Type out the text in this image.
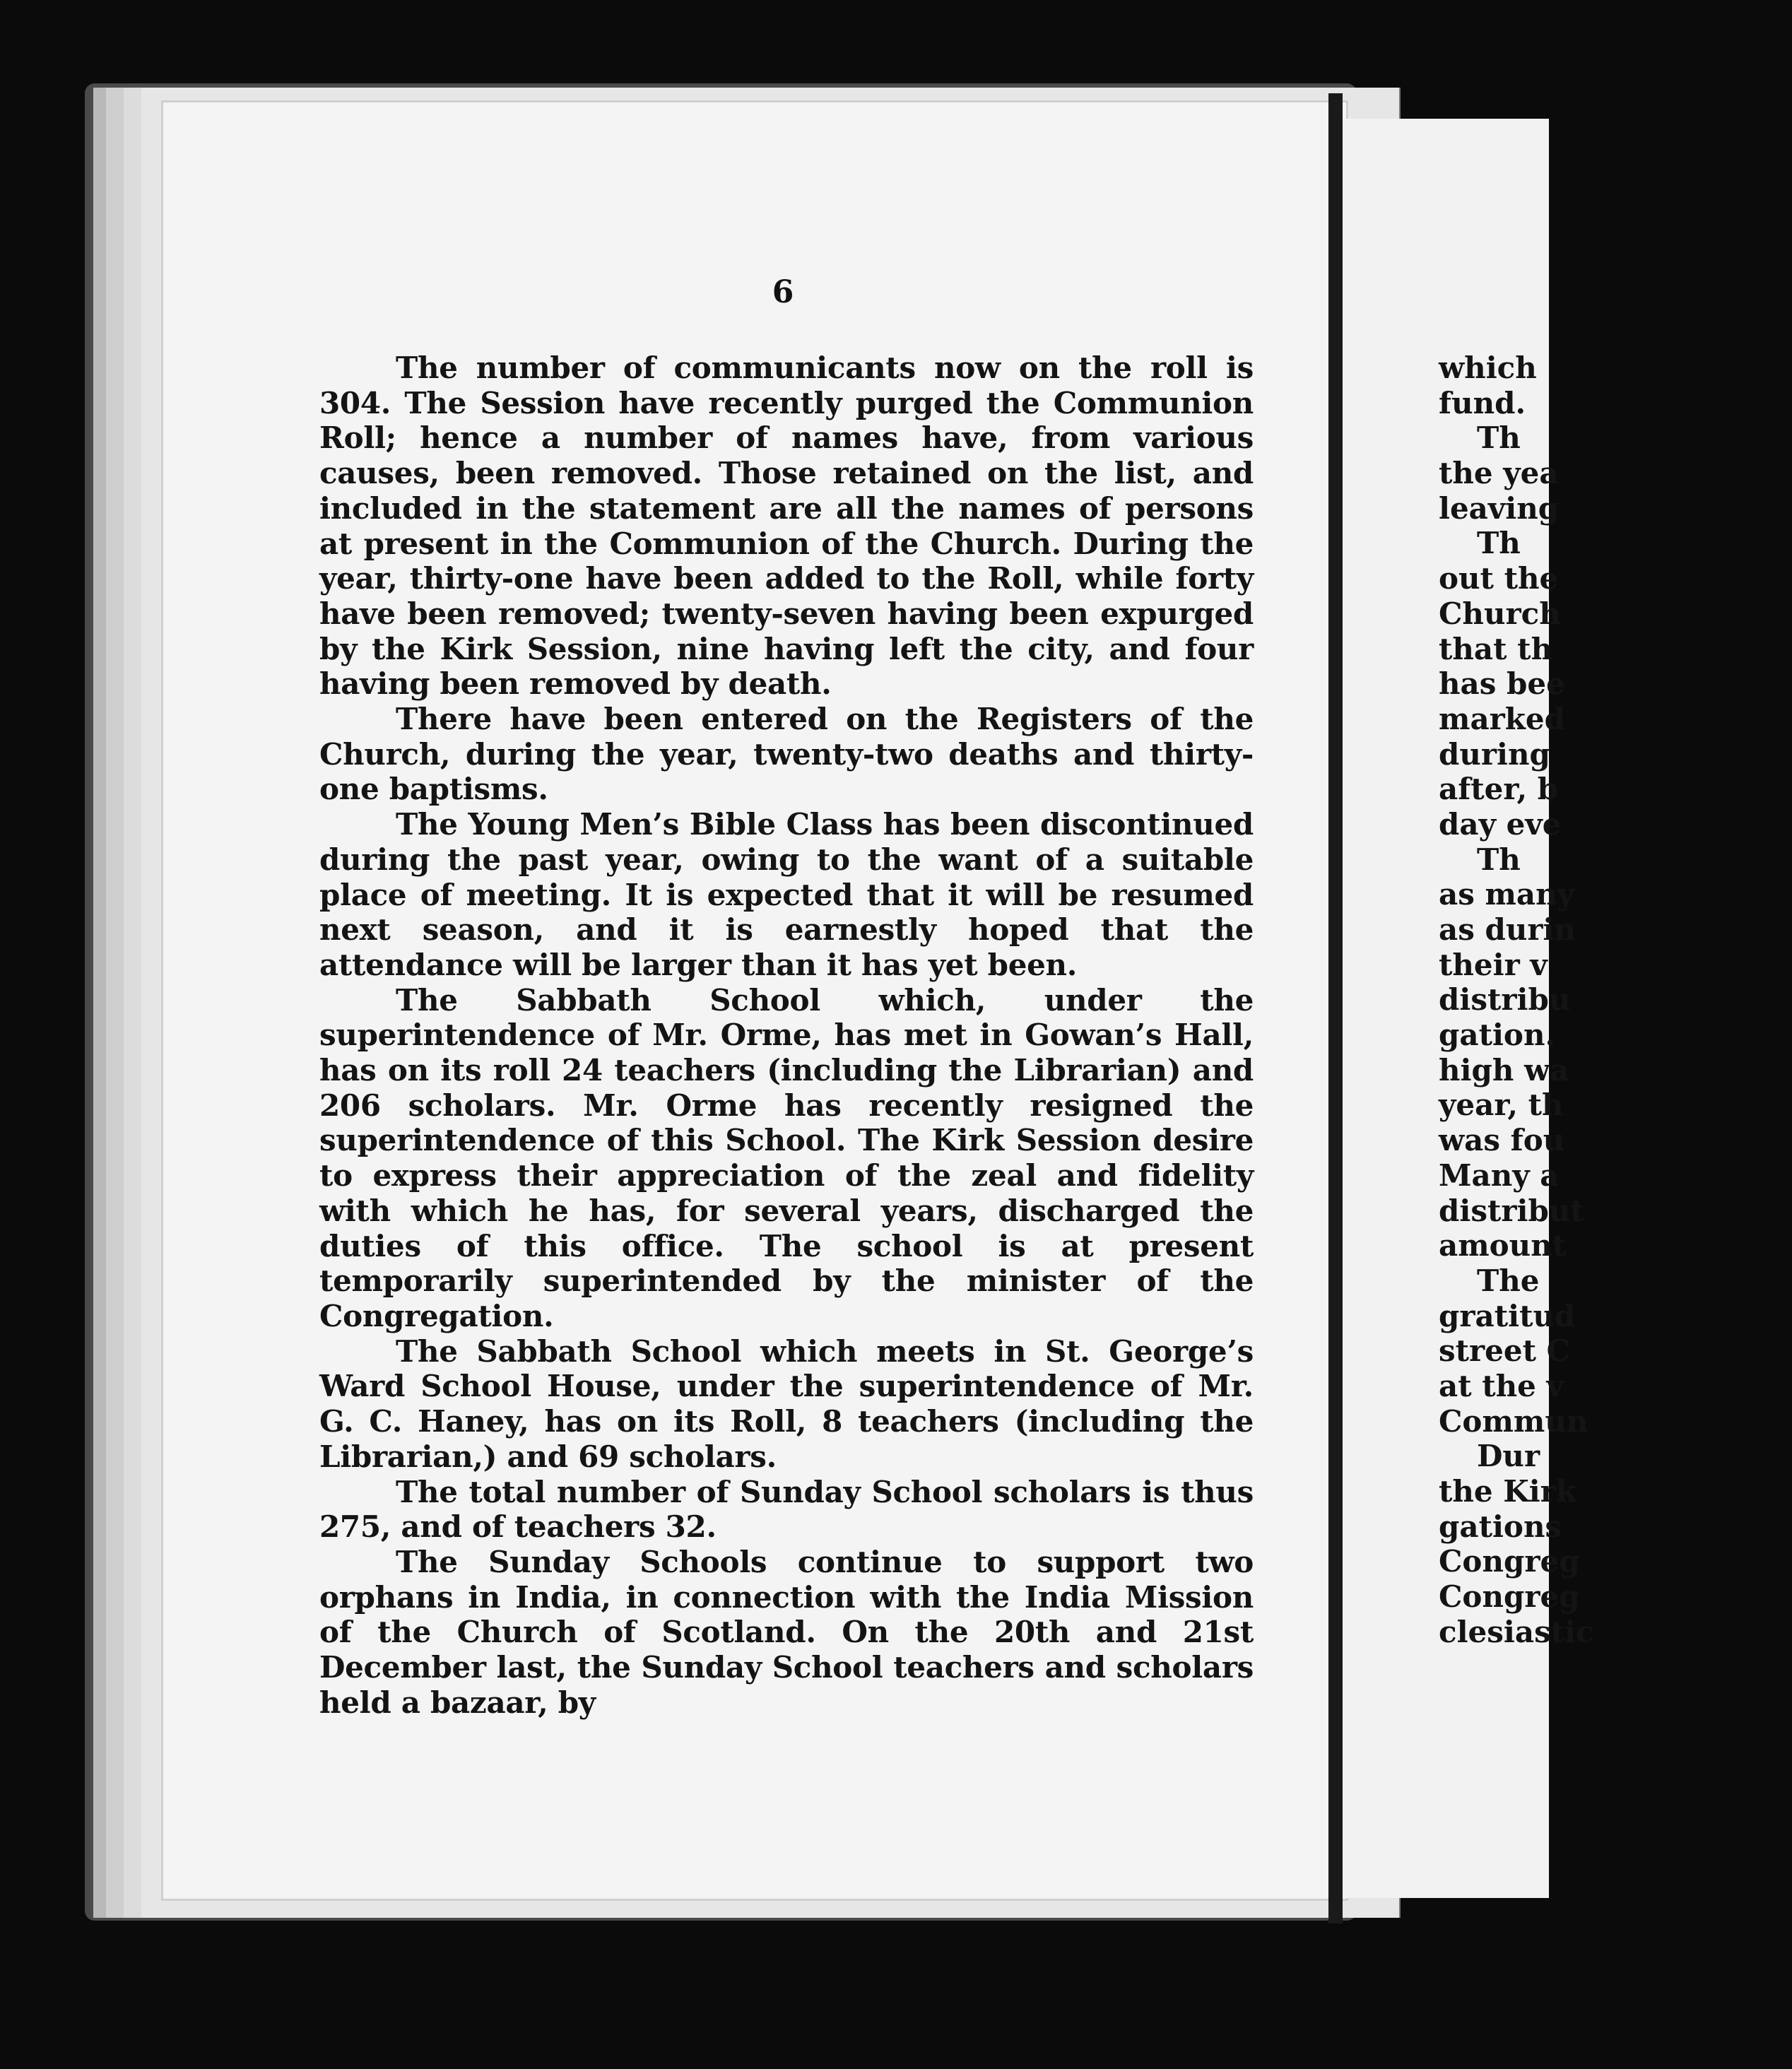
6

The number of communicants now on the roll is 304. The Session have recently purged the Communion Roll; hence a number of names have, from various causes, been removed. Those retained on the list, and included in the statement are all the names of persons at present in the Communion of the Church. During the year, thirty-one have been added to the Roll, while forty have been removed; twenty-seven having been expurged by the Kirk Session, nine having left the city, and four having been removed by death.

There have been entered on the Registers of the Church, during the year, twenty-two deaths and thirty-one baptisms.

The Young Men’s Bible Class has been discontinued during the past year, owing to the want of a suitable place of meeting. It is expected that it will be resumed next season, and it is earnestly hoped that the attendance will be larger than it has yet been.

The Sabbath School which, under the superintendence of Mr. Orme, has met in Gowan’s Hall, has on its roll 24 teachers (including the Librarian) and 206 scholars. Mr. Orme has recently resigned the superintendence of this School. The Kirk Session desire to express their appreciation of the zeal and fidelity with which he has, for several years, discharged the duties of this office. The school is at present temporarily superintended by the minister of the Congregation.

The Sabbath School which meets in St. George’s Ward School House, under the superintendence of Mr. G. C. Haney, has on its Roll, 8 teachers (including the Librarian,) and 69 scholars.

The total number of Sunday School scholars is thus 275, and of teachers 32.

The Sunday Schools continue to support two orphans in India, in connection with the India Mission of the Church of Scotland. On the 20th and 21st December last, the Sunday School teachers and scholars held a bazaar, by

which
fund.
Th
the yea
leaving
Th
out the
Church
that th
has bee
marked
during
after, b
day eve
Th
as many
as durin
their v
distribu
gation.
high wa
year, th
was fou
Many a
distribut
amount
The
gratitud
street C
at the v
Commun
Dur
the Kirk
gations
Congreg
Congreg
clesiastic
